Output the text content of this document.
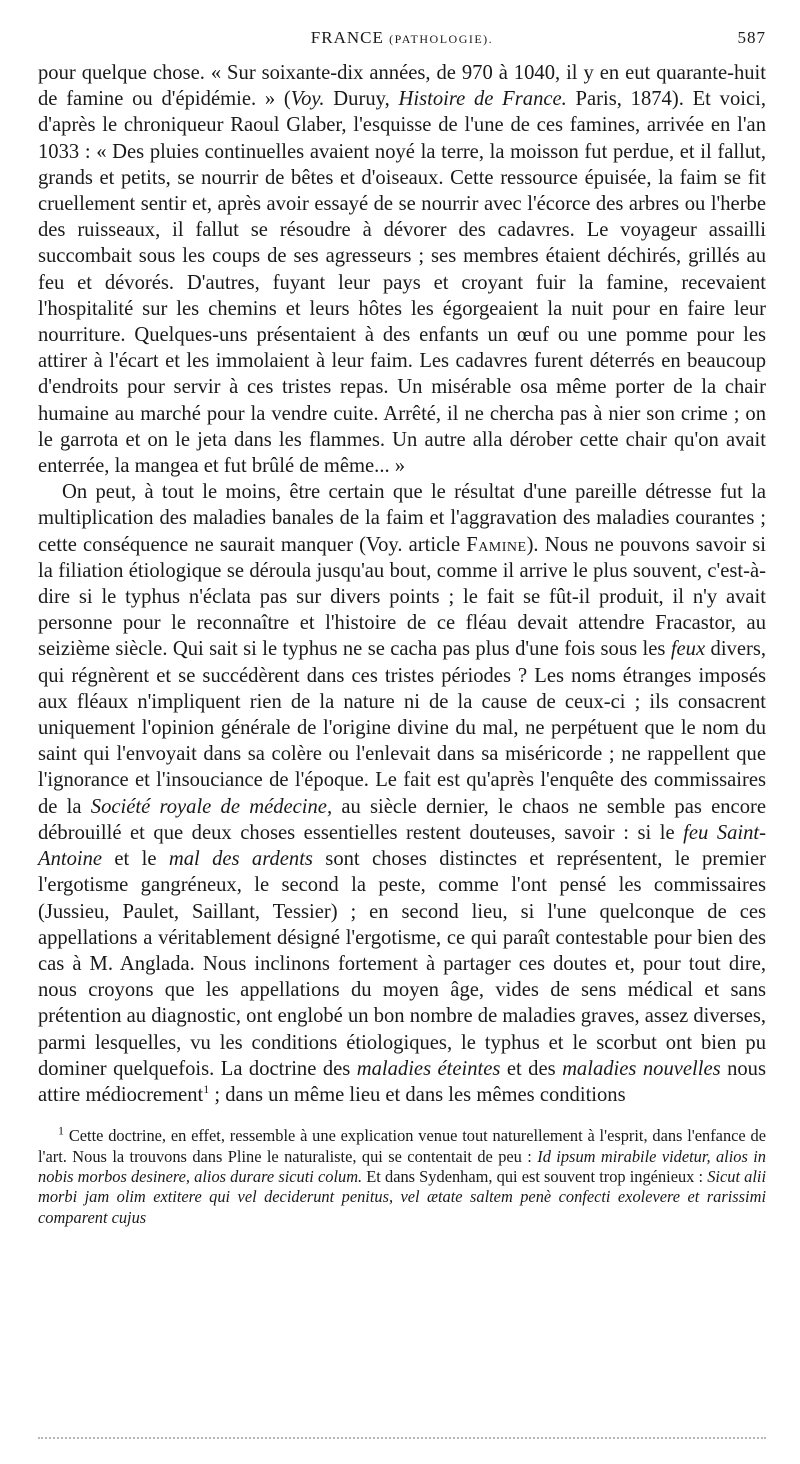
FRANCE (PATHOLOGIE).	587

pour quelque chose. « Sur soixante-dix années, de 970 à 1040, il y en eut quarante-huit de famine ou d'épidémie. » (Voy. Duruy, Histoire de France. Paris, 1874). Et voici, d'après le chroniqueur Raoul Glaber, l'esquisse de l'une de ces famines, arrivée en l'an 1033 : « Des pluies continuelles avaient noyé la terre, la moisson fut perdue, et il fallut, grands et petits, se nourrir de bêtes et d'oiseaux. Cette ressource épuisée, la faim se fit cruellement sentir et, après avoir essayé de se nourrir avec l'écorce des arbres ou l'herbe des ruisseaux, il fallut se résoudre à dévorer des cadavres. Le voyageur assailli succombait sous les coups de ses agresseurs ; ses membres étaient déchirés, grillés au feu et dévorés. D'autres, fuyant leur pays et croyant fuir la famine, recevaient l'hospitalité sur les chemins et leurs hôtes les égorgeaient la nuit pour en faire leur nourriture. Quelques-uns présentaient à des enfants un œuf ou une pomme pour les attirer à l'écart et les immolaient à leur faim. Les cadavres furent déterrés en beaucoup d'endroits pour servir à ces tristes repas. Un misérable osa même porter de la chair humaine au marché pour la vendre cuite. Arrêté, il ne chercha pas à nier son crime ; on le garrota et on le jeta dans les flammes. Un autre alla dérober cette chair qu'on avait enterrée, la mangea et fut brûlé de même... »

On peut, à tout le moins, être certain que le résultat d'une pareille détresse fut la multiplication des maladies banales de la faim et l'aggravation des maladies courantes ; cette conséquence ne saurait manquer (Voy. article Famine). Nous ne pouvons savoir si la filiation étiologique se déroula jusqu'au bout, comme il arrive le plus souvent, c'est-à-dire si le typhus n'éclata pas sur divers points ; le fait se fût-il produit, il n'y avait personne pour le reconnaître et l'histoire de ce fléau devait attendre Fracastor, au seizième siècle. Qui sait si le typhus ne se cacha pas plus d'une fois sous les feux divers, qui régnèrent et se succédèrent dans ces tristes périodes ? Les noms étranges imposés aux fléaux n'impliquent rien de la nature ni de la cause de ceux-ci ; ils consacrent uniquement l'opinion générale de l'origine divine du mal, ne perpétuent que le nom du saint qui l'envoyait dans sa colère ou l'enlevait dans sa miséricorde ; ne rappellent que l'ignorance et l'insouciance de l'époque. Le fait est qu'après l'enquête des commissaires de la Société royale de médecine, au siècle dernier, le chaos ne semble pas encore débrouillé et que deux choses essentielles restent douteuses, savoir : si le feu Saint-Antoine et le mal des ardents sont choses distinctes et représentent, le premier l'ergotisme gangréneux, le second la peste, comme l'ont pensé les commissaires (Jussieu, Paulet, Saillant, Tessier) ; en second lieu, si l'une quelconque de ces appellations a véritablement désigné l'ergotisme, ce qui paraît contestable pour bien des cas à M. Anglada. Nous inclinons fortement à partager ces doutes et, pour tout dire, nous croyons que les appellations du moyen âge, vides de sens médical et sans prétention au diagnostic, ont englobé un bon nombre de maladies graves, assez diverses, parmi lesquelles, vu les conditions étiologiques, le typhus et le scorbut ont bien pu dominer quelquefois. La doctrine des maladies éteintes et des maladies nouvelles nous attire médiocrement$^1$ ; dans un même lieu et dans les mêmes conditions

$^1$ Cette doctrine, en effet, ressemble à une explication venue tout naturellement à l'esprit, dans l'enfance de l'art. Nous la trouvons dans Pline le naturaliste, qui se contentait de peu : Id ipsum mirabile videtur, alios in nobis morbos desinere, alios durare sicuti colum. Et dans Sydenham, qui est souvent trop ingénieux : Sicut alii morbi jam olim extitere qui vel deciderunt penitus, vel ætate saltem penè confecti exolevere et rarissimi comparent cujus
